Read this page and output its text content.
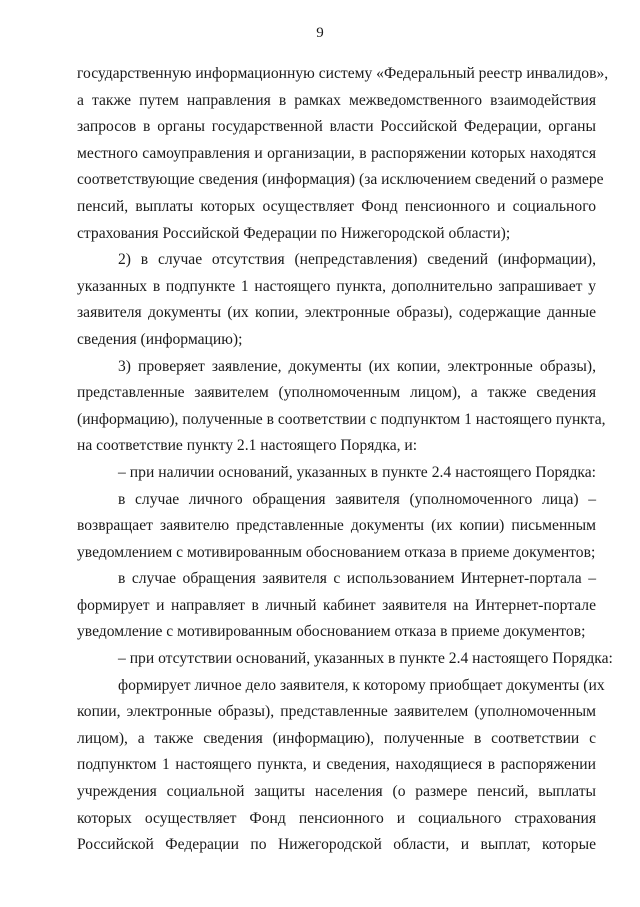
9
государственную информационную систему «Федеральный реестр инвалидов»,
а также путем направления в рамках межведомственного взаимодействия
запросов в органы государственной власти Российской Федерации, органы
местного самоуправления и организации, в распоряжении которых находятся
соответствующие сведения (информация) (за исключением сведений о размере
пенсий, выплаты которых осуществляет Фонд пенсионного и социального
страхования Российской Федерации по Нижегородской области);
2) в случае отсутствия (непредставления) сведений (информации),
указанных в подпункте 1 настоящего пункта, дополнительно запрашивает у
заявителя документы (их копии, электронные образы), содержащие данные
сведения (информацию);
3) проверяет заявление, документы (их копии, электронные образы),
представленные заявителем (уполномоченным лицом), а также сведения
(информацию), полученные в соответствии с подпунктом 1 настоящего пункта,
на соответствие пункту 2.1 настоящего Порядка, и:
– при наличии оснований, указанных в пункте 2.4 настоящего Порядка:
в случае личного обращения заявителя (уполномоченного лица) –
возвращает заявителю представленные документы (их копии) письменным
уведомлением с мотивированным обоснованием отказа в приеме документов;
в случае обращения заявителя с использованием Интернет-портала –
формирует и направляет в личный кабинет заявителя на Интернет-портале
уведомление с мотивированным обоснованием отказа в приеме документов;
– при отсутствии оснований, указанных в пункте 2.4 настоящего Порядка:
формирует личное дело заявителя, к которому приобщает документы (их
копии, электронные образы), представленные заявителем (уполномоченным
лицом), а также сведения (информацию), полученные в соответствии с
подпунктом 1 настоящего пункта, и сведения, находящиеся в распоряжении
учреждения социальной защиты населения (о размере пенсий, выплаты
которых осуществляет Фонд пенсионного и социального страхования
Российской Федерации по Нижегородской области, и выплат, которые
